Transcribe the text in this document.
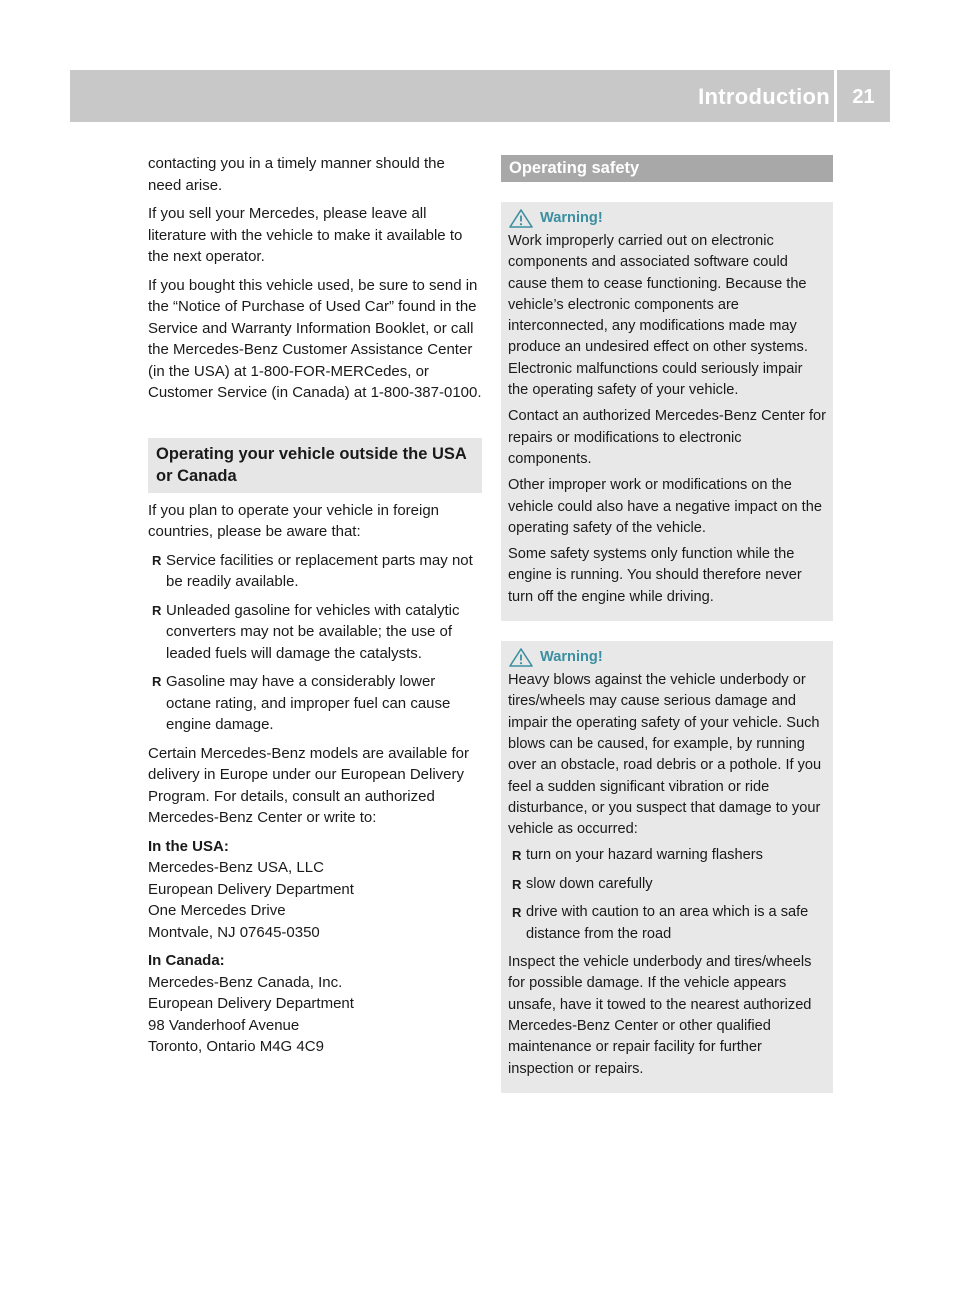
Introduction	21

contacting you in a timely manner should the need arise.

If you sell your Mercedes, please leave all literature with the vehicle to make it available to the next operator.

If you bought this vehicle used, be sure to send in the “Notice of Purchase of Used Car” found in the Service and Warranty Information Booklet, or call the Mercedes-Benz Customer Assistance Center (in the USA) at 1-800-FOR-MERCedes, or Customer Service (in Canada) at 1-800-387-0100.

Operating your vehicle outside the USA or Canada

If you plan to operate your vehicle in foreign countries, please be aware that:

R Service facilities or replacement parts may not be readily available.
R Unleaded gasoline for vehicles with catalytic converters may not be available; the use of leaded fuels will damage the catalysts.
R Gasoline may have a considerably lower octane rating, and improper fuel can cause engine damage.

Certain Mercedes-Benz models are available for delivery in Europe under our European Delivery Program. For details, consult an authorized Mercedes-Benz Center or write to:

In the USA:

Mercedes-Benz USA, LLC

European Delivery Department

One Mercedes Drive

Montvale, NJ 07645-0350

In Canada:

Mercedes-Benz Canada, Inc.

European Delivery Department

98 Vanderhoof Avenue

Toronto, Ontario M4G 4C9

Operating safety
Warning!

Work improperly carried out on electronic components and associated software could cause them to cease functioning. Because the vehicle’s electronic components are interconnected, any modifications made may produce an undesired effect on other systems. Electronic malfunctions could seriously impair the operating safety of your vehicle.

Contact an authorized Mercedes-Benz Center for repairs or modifications to electronic components.

Other improper work or modifications on the vehicle could also have a negative impact on the operating safety of the vehicle.

Some safety systems only function while the engine is running. You should therefore never turn off the engine while driving.

Warning!

Heavy blows against the vehicle underbody or tires/wheels may cause serious damage and impair the operating safety of your vehicle. Such blows can be caused, for example, by running over an obstacle, road debris or a pothole. If you feel a sudden significant vibration or ride disturbance, or you suspect that damage to your vehicle as occurred:

R turn on your hazard warning flashers
R slow down carefully
R drive with caution to an area which is a safe distance from the road

Inspect the vehicle underbody and tires/wheels for possible damage. If the vehicle appears unsafe, have it towed to the nearest authorized Mercedes-Benz Center or other qualified maintenance or repair facility for further inspection or repairs.
